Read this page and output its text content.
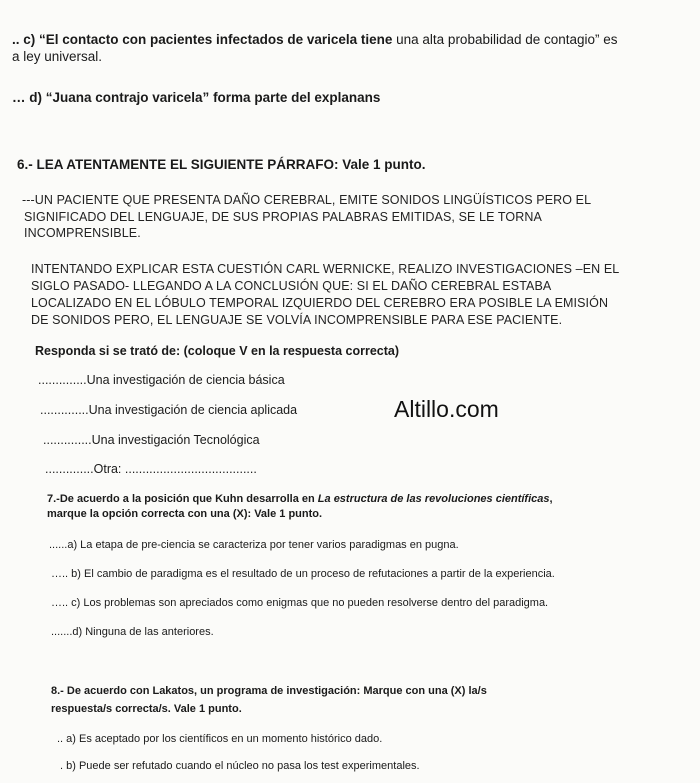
.. c) “El contacto con pacientes infectados de varicela tiene una alta probabilidad de contagio” es
a ley universal.
… d) “Juana contrajo varicela” forma parte del explanans
6.- LEA ATENTAMENTE EL SIGUIENTE PÁRRAFO: Vale 1 punto.
---UN PACIENTE QUE PRESENTA DAÑO CEREBRAL, EMITE SONIDOS LINGÜÍSTICOS PERO EL
SIGNIFICADO DEL LENGUAJE, DE SUS PROPIAS PALABRAS EMITIDAS, SE LE TORNA
INCOMPRENSIBLE.
INTENTANDO EXPLICAR ESTA CUESTIÓN CARL WERNICKE, REALIZO INVESTIGACIONES –EN EL
SIGLO PASADO- LLEGANDO A LA CONCLUSIÓN QUE: SI EL DAÑO CEREBRAL ESTABA
LOCALIZADO EN EL LÓBULO TEMPORAL IZQUIERDO DEL CEREBRO ERA POSIBLE LA EMISIÓN
DE SONIDOS PERO, EL LENGUAJE SE VOLVÍA INCOMPRENSIBLE PARA ESE PACIENTE.
Responda si se trató de: (coloque V en la respuesta correcta)
..............Una investigación de ciencia básica
..............Una investigación de ciencia aplicada
..............Una investigación Tecnológica
..............Otra: ......................................
Altillo.com
7.-De acuerdo a la posición que Kuhn desarrolla en La estructura de las revoluciones científicas,
marque la opción correcta con una (X): Vale 1 punto.
......a) La etapa de pre-ciencia se caracteriza por tener varios paradigmas en pugna.
….. b) El cambio de paradigma es el resultado de un proceso de refutaciones a partir de la experiencia.
….. c) Los problemas son apreciados como enigmas que no pueden resolverse dentro del paradigma.
.......d) Ninguna de las anteriores.
8.- De acuerdo con Lakatos, un programa de investigación: Marque con una (X) la/s
respuesta/s correcta/s. Vale 1 punto.
.. a) Es aceptado por los científicos en un momento histórico dado.
. b) Puede ser refutado cuando el núcleo no pasa los test experimentales.
